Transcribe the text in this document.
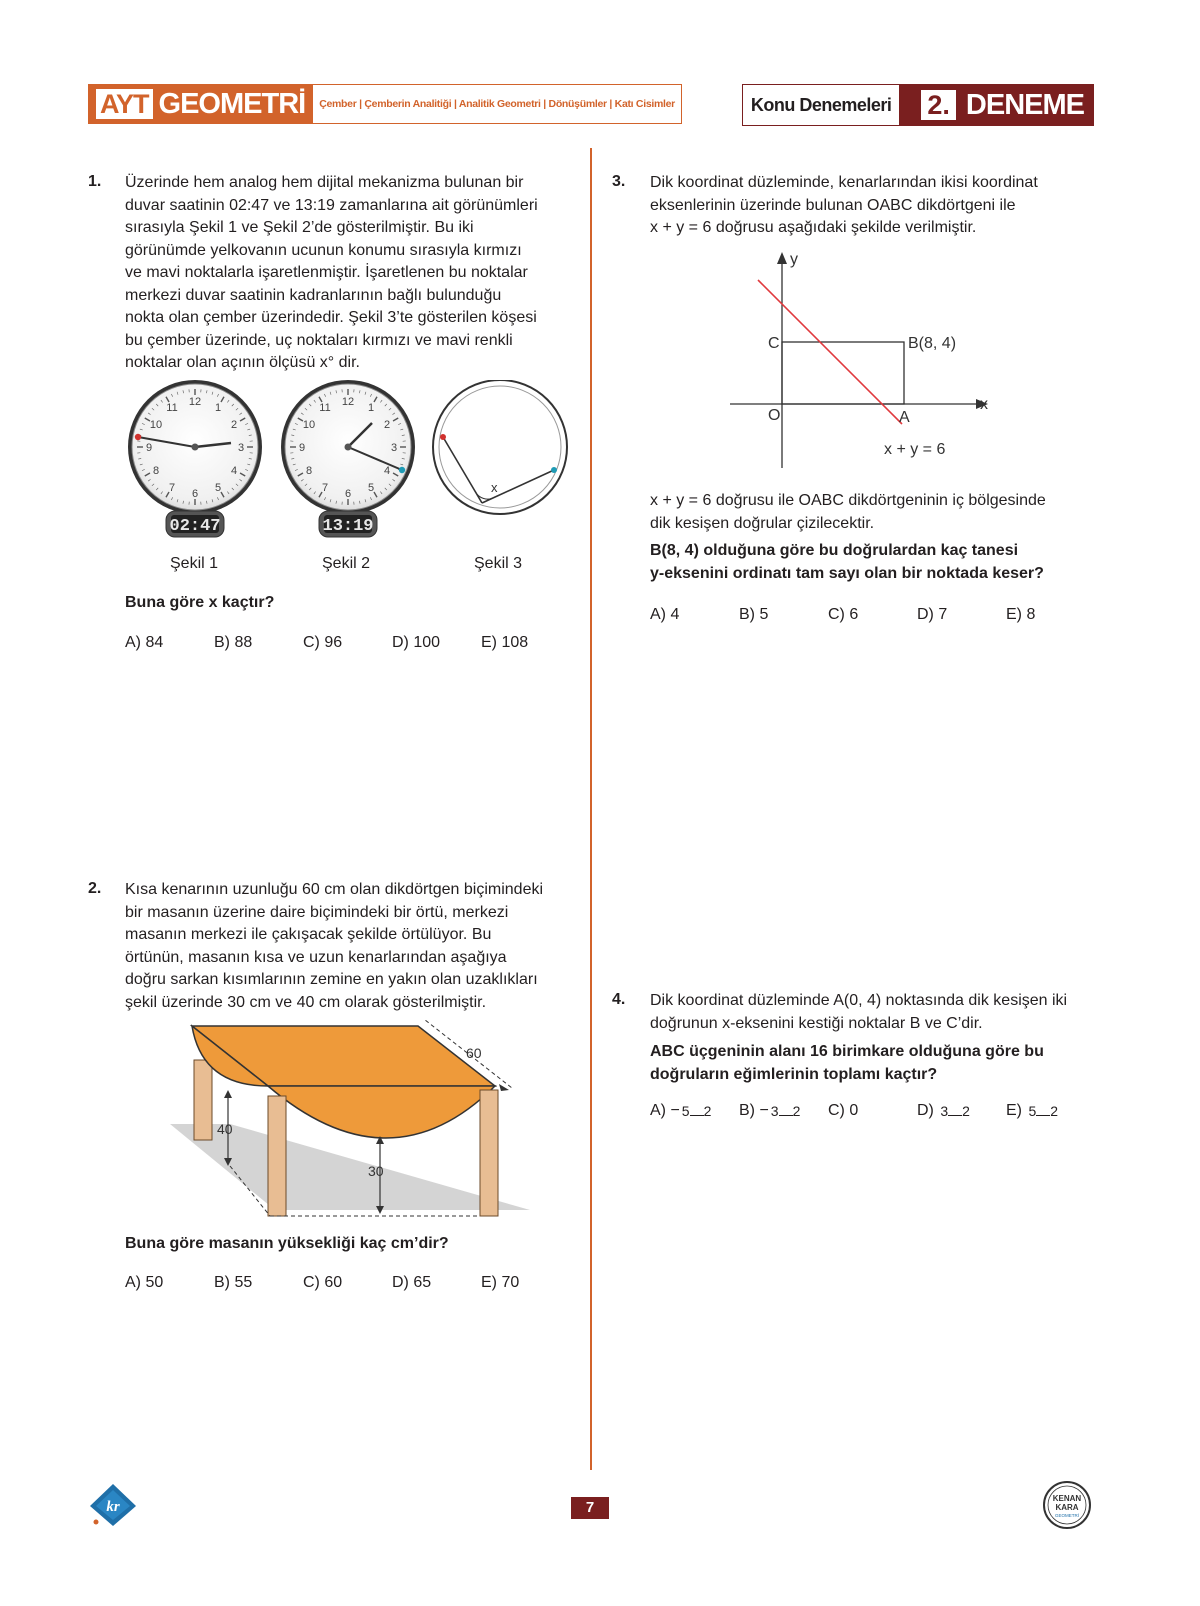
AYT GEOMETRİ	Çember | Çemberin Analitiği | Analitik Geometri | Dönüşümler | Katı Cisimler	Konu Denemeleri 2. DENEME
1. Üzerinde hem analog hem dijital mekanizma bulunan bir
duvar saatinin 02:47 ve 13:19 zamanlarına ait görünümleri
sırasıyla Şekil 1 ve Şekil 2’de gösterilmiştir. Bu iki
görünümde yelkovanın ucunun konumu sırasıyla kırmızı
ve mavi noktalarla işaretlenmiştir. İşaretlenen bu noktalar
merkezi duvar saatinin kadranlarının bağlı bulunduğu
nokta olan çember üzerindedir. Şekil 3’te gösterilen köşesi
bu çember üzerinde, uç noktaları kırmızı ve mavi renkli
noktalar olan açının ölçüsü x° dir.
12 1
2
3
4
5
6
7
8
9
10
11
02:47
12 1
2
3
4
5
6
7
8
9
10
11
13:19
x
Şekil 1	Şekil 2	Şekil 3
Buna göre x kaçtır?
A) 84	B) 88	C) 96	D) 100	E) 108
2. Kısa kenarının uzunluğu 60 cm olan dikdörtgen biçimindeki
bir masanın üzerine daire biçimindeki bir örtü, merkezi
masanın merkezi ile çakışacak şekilde örtülüyor. Bu
örtünün, masanın kısa ve uzun kenarlarından aşağıya
doğru sarkan kısımlarının zemine en yakın olan uzaklıkları
şekil üzerinde 30 cm ve 40 cm olarak gösterilmiştir.
60
40
30
Buna göre masanın yüksekliği kaç cm’dir?
A) 50	B) 55	C) 60	D) 65	E) 70
3. Dik koordinat düzleminde, kenarlarından ikisi koordinat
eksenlerinin üzerinde bulunan OABC dikdörtgeni ile
x + y = 6 doğrusu aşağıdaki şekilde verilmiştir.
y
x
O	A
C	B(8, 4)
x + y = 6
x + y = 6 doğrusu ile OABC dikdörtgeninin iç bölgesinde
dik kesişen doğrular çizilecektir.
B(8, 4) olduğuna göre bu doğrulardan kaç tanesi
y-eksenini ordinatı tam sayı olan bir noktada keser?
A) 4	B) 5	C) 6	D) 7	E) 8
4. Dik koordinat düzleminde A(0, 4) noktasında dik kesişen iki
doğrunun x-eksenini kestiği noktalar B ve C’dir.
ABC üçgeninin alanı 16 birimkare olduğuna göre bu
doğruların eğimlerinin toplamı kaçtır?
A)
− 5 2 B)
− 3 2 C) 0	D)
3 2 E)
5 2
kr	7
KENAN
KARA
GEOMETRİ
